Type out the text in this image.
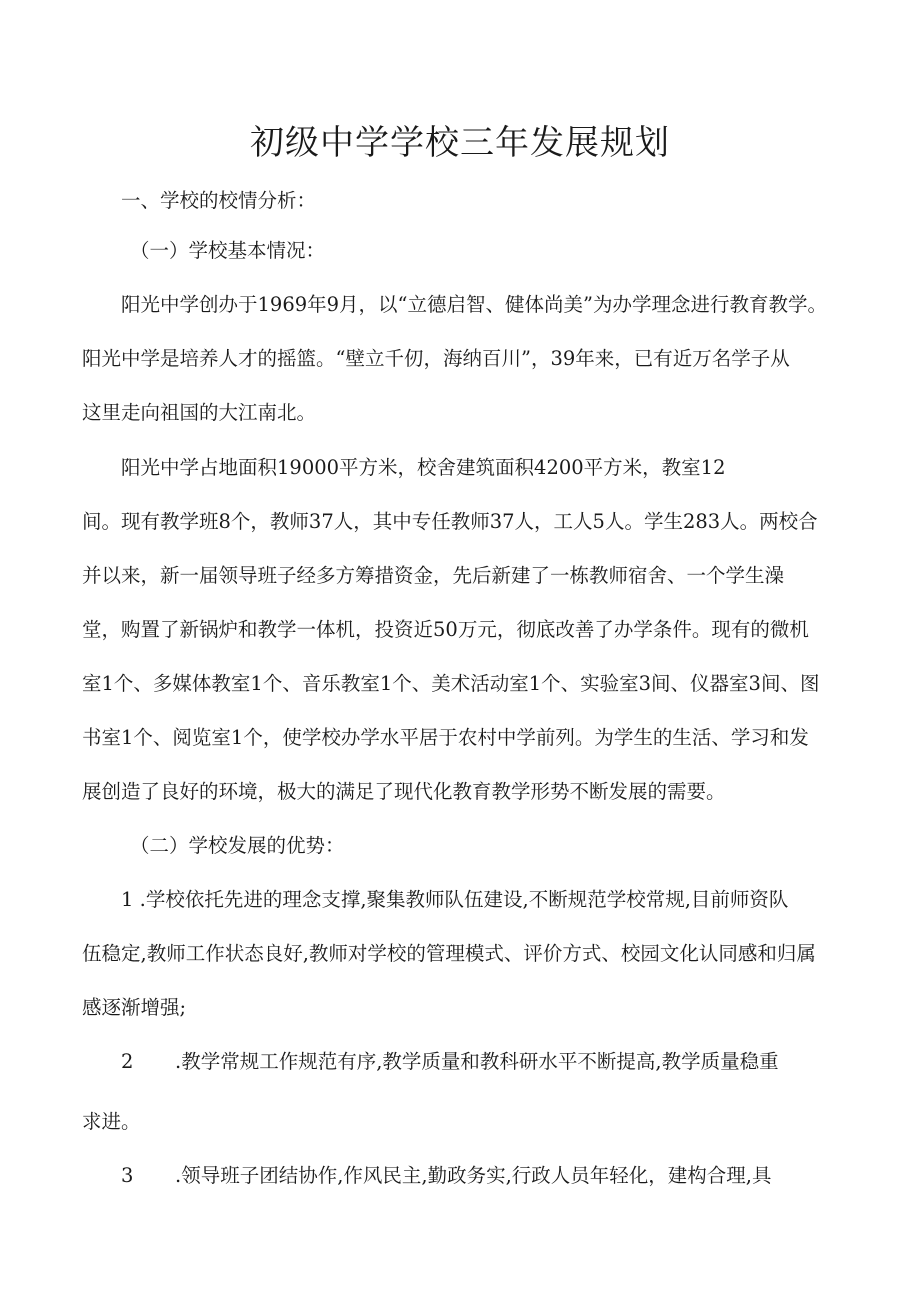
初级中学学校三年发展规划

一、学校的校情分析：

（一）学校基本情况：

阳光中学创办于1969年9月，以“立德启智、健体尚美”为办学理念进行教育教学。

阳光中学是培养人才的摇篮。“壁立千仞，海纳百川”，39年来，已有近万名学子从

这里走向祖国的大江南北。

阳光中学占地面积19000平方米，校舍建筑面积4200平方米，教室12

间。现有教学班8个，教师37人，其中专任教师37人，工人5人。学生283人。两校合

并以来，新一届领导班子经多方筹措资金，先后新建了一栋教师宿舍、一个学生澡

堂，购置了新锅炉和教学一体机，投资近50万元，彻底改善了办学条件。现有的微机

室1个、多媒体教室1个、音乐教室1个、美术活动室1个、实验室3间、仪器室3间、图

书室1个、阅览室1个，使学校办学水平居于农村中学前列。为学生的生活、学习和发

展创造了良好的环境，极大的满足了现代化教育教学形势不断发展的需要。

（二）学校发展的优势：

1 .学校依托先进的理念支撑,聚集教师队伍建设,不断规范学校常规,目前师资队

伍稳定,教师工作状态良好,教师对学校的管理模式、评价方式、校园文化认同感和归属

感逐渐增强;

2 .教学常规工作规范有序,教学质量和教科研水平不断提高,教学质量稳重

求进。

3 .领导班子团结协作,作风民主,勤政务实,行政人员年轻化，建构合理,具
